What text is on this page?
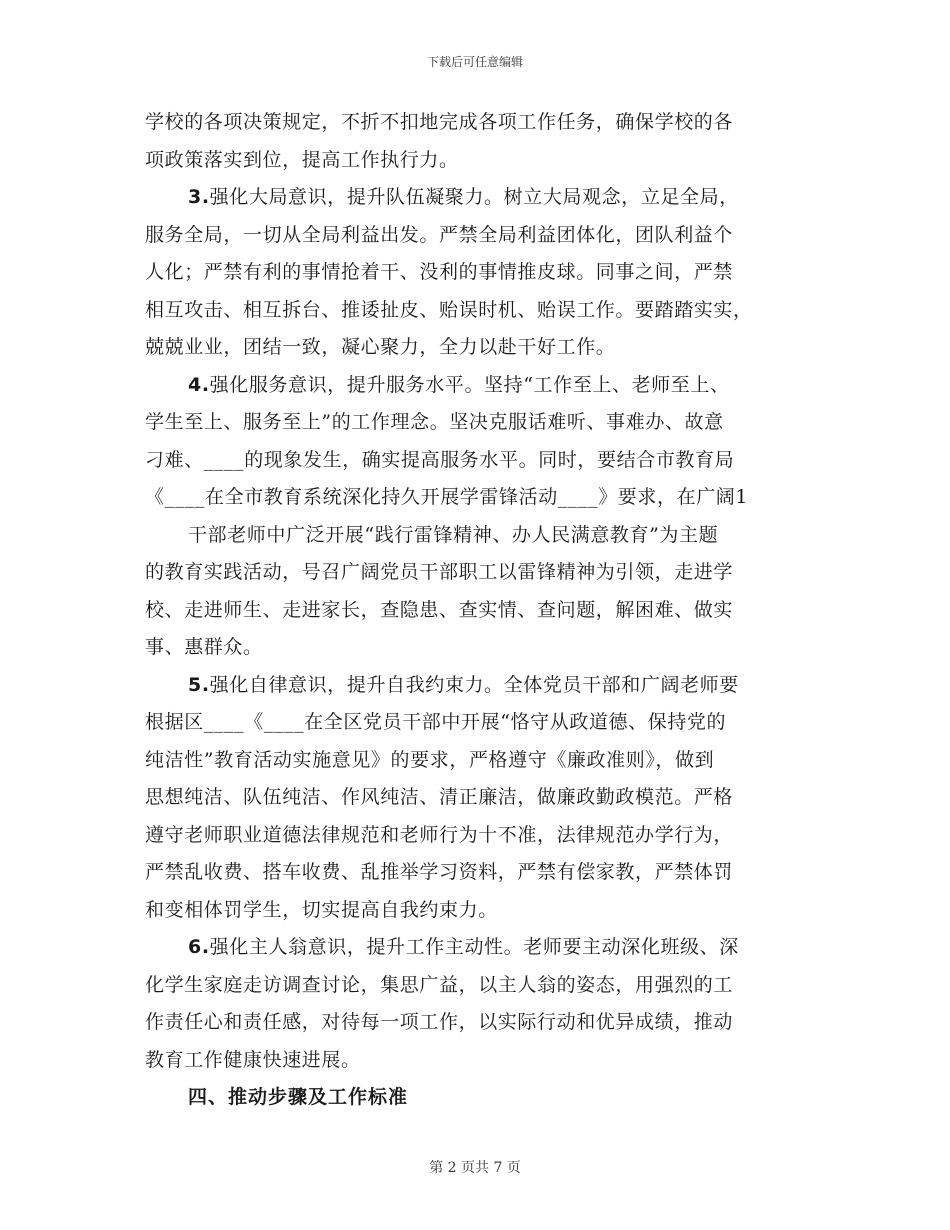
下载后可任意编辑
学校的各项决策规定，不折不扣地完成各项工作任务，确保学校的各
项政策落实到位，提高工作执行力。
3.强化大局意识，提升队伍凝聚力。树立大局观念，立足全局，
服务全局，一切从全局利益出发。严禁全局利益团体化，团队利益个
人化；严禁有利的事情抢着干、没利的事情推皮球。同事之间，严禁
相互攻击、相互拆台、推诿扯皮、贻误时机、贻误工作。要踏踏实实，
兢兢业业，团结一致，凝心聚力，全力以赴干好工作。
4.强化服务意识，提升服务水平。坚持“工作至上、老师至上、
学生至上、服务至上”的工作理念。坚决克服话难听、事难办、故意
刁难、____的现象发生，确实提高服务水平。同时，要结合市教育局
《____在全市教育系统深化持久开展学雷锋活动____》要求，在广阔1
干部老师中广泛开展“践行雷锋精神、办人民满意教育”为主题
的教育实践活动，号召广阔党员干部职工以雷锋精神为引领，走进学
校、走进师生、走进家长，查隐患、查实情、查问题，解困难、做实
事、惠群众。
5.强化自律意识，提升自我约束力。全体党员干部和广阔老师要
根据区____《____在全区党员干部中开展“恪守从政道德、保持党的
纯洁性”教育活动实施意见》的要求，严格遵守《廉政准则》，做到
思想纯洁、队伍纯洁、作风纯洁、清正廉洁，做廉政勤政模范。严格
遵守老师职业道德法律规范和老师行为十不准，法律规范办学行为，
严禁乱收费、搭车收费、乱推举学习资料，严禁有偿家教，严禁体罚
和变相体罚学生，切实提高自我约束力。
6.强化主人翁意识，提升工作主动性。老师要主动深化班级、深
化学生家庭走访调查讨论，集思广益，以主人翁的姿态，用强烈的工
作责任心和责任感，对待每一项工作，以实际行动和优异成绩，推动
教育工作健康快速进展。
四、推动步骤及工作标准
第 2 页共 7 页
